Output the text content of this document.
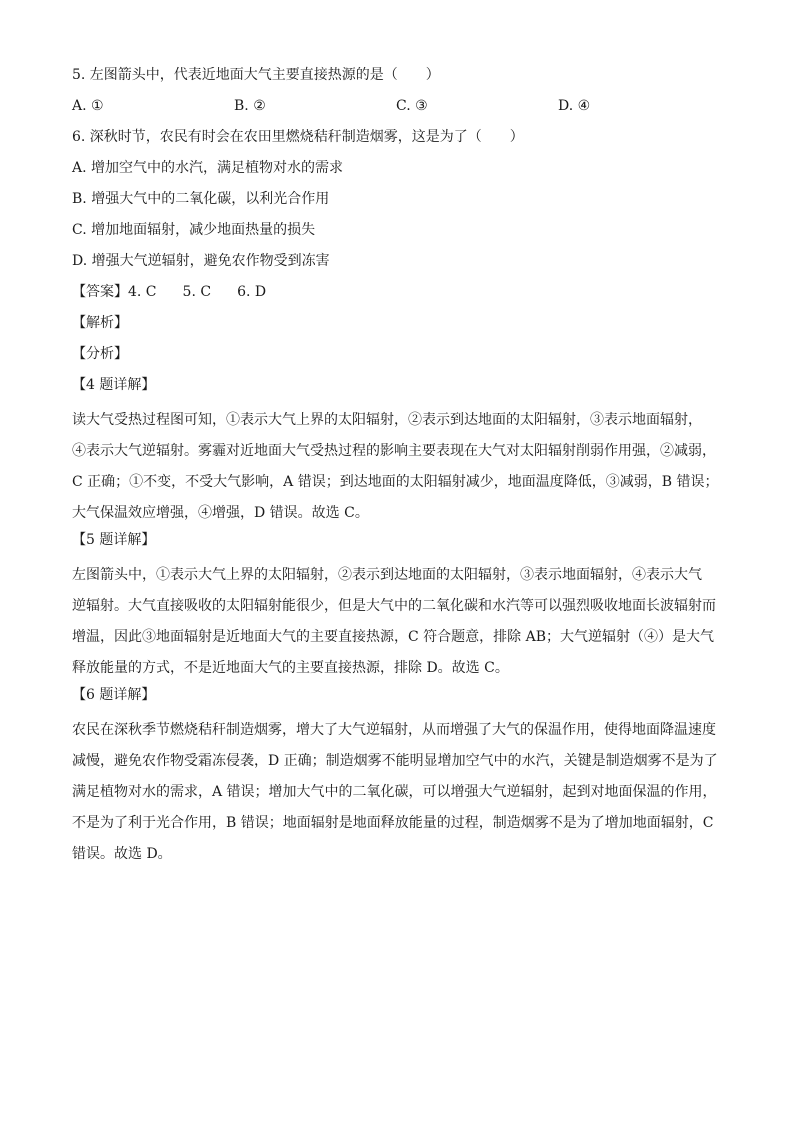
5. 左图箭头中，代表近地面大气主要直接热源的是（　　）
A. ①	B. ②	C. ③	D. ④
6. 深秋时节，农民有时会在农田里燃烧秸秆制造烟雾，这是为了（　　）
A. 增加空气中的水汽，满足植物对水的需求
B. 增强大气中的二氧化碳，以利光合作用
C. 增加地面辐射，减少地面热量的损失
D. 增强大气逆辐射，避免农作物受到冻害
【答案】4. C 5. C 6. D
【解析】
【分析】
【4 题详解】
读大气受热过程图可知，①表示大气上界的太阳辐射，②表示到达地面的太阳辐射，③表示地面辐射，
④表示大气逆辐射。雾霾对近地面大气受热过程的影响主要表现在大气对太阳辐射削弱作用强，②减弱，
C 正确；①不变，不受大气影响，A 错误；到达地面的太阳辐射减少，地面温度降低，③减弱，B 错误；
大气保温效应增强，④增强，D 错误。故选 C。
【5 题详解】
左图箭头中，①表示大气上界的太阳辐射，②表示到达地面的太阳辐射，③表示地面辐射，④表示大气
逆辐射。大气直接吸收的太阳辐射能很少，但是大气中的二氧化碳和水汽等可以强烈吸收地面长波辐射而
增温，因此③地面辐射是近地面大气的主要直接热源，C 符合题意，排除 AB；大气逆辐射（④）是大气
释放能量的方式，不是近地面大气的主要直接热源，排除 D。故选 C。
【6 题详解】
农民在深秋季节燃烧秸秆制造烟雾，增大了大气逆辐射，从而增强了大气的保温作用，使得地面降温速度
减慢，避免农作物受霜冻侵袭，D 正确；制造烟雾不能明显增加空气中的水汽，关键是制造烟雾不是为了
满足植物对水的需求，A 错误；增加大气中的二氧化碳，可以增强大气逆辐射，起到对地面保温的作用，
不是为了利于光合作用，B 错误；地面辐射是地面释放能量的过程，制造烟雾不是为了增加地面辐射，C
错误。故选 D。
